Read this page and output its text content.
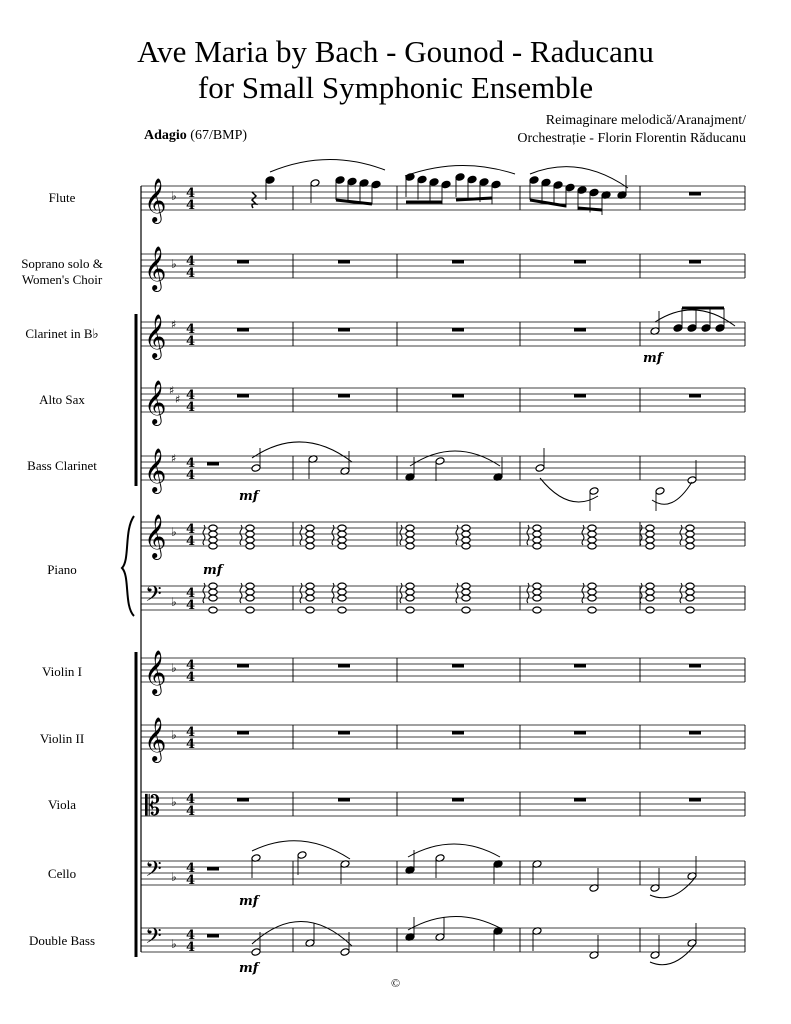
Ave Maria by Bach - Gounod - Raducanu
for Small Symphonic Ensemble
Reimaginare melodică/Aranajment/
Orchestrație - Florin Florentin Răducanu
Adagio (67/BMP)
Flute
Soprano solo &
Women's Choir
Clarinet in B♭
Alto Sax
Bass Clarinet
Piano
Violin I
Violin II
Viola
Cello
Double Bass
𝄞 ♭ 4
4
𝄞 ♭ 4
4
𝄞 ♯ 4
4
𝄞 ♯
♯ 4
4
𝄞 ♯ 4
4
𝄞 ♭ 4
4
𝄢 ♭
4
4
𝄞 ♭ 4
4
𝄞 ♭ 4
4
𝄡 ♭ 4
4
𝄢 ♭
4
4
𝄢 ♭
4
4
mf
mf
mf
mf
mf
©
